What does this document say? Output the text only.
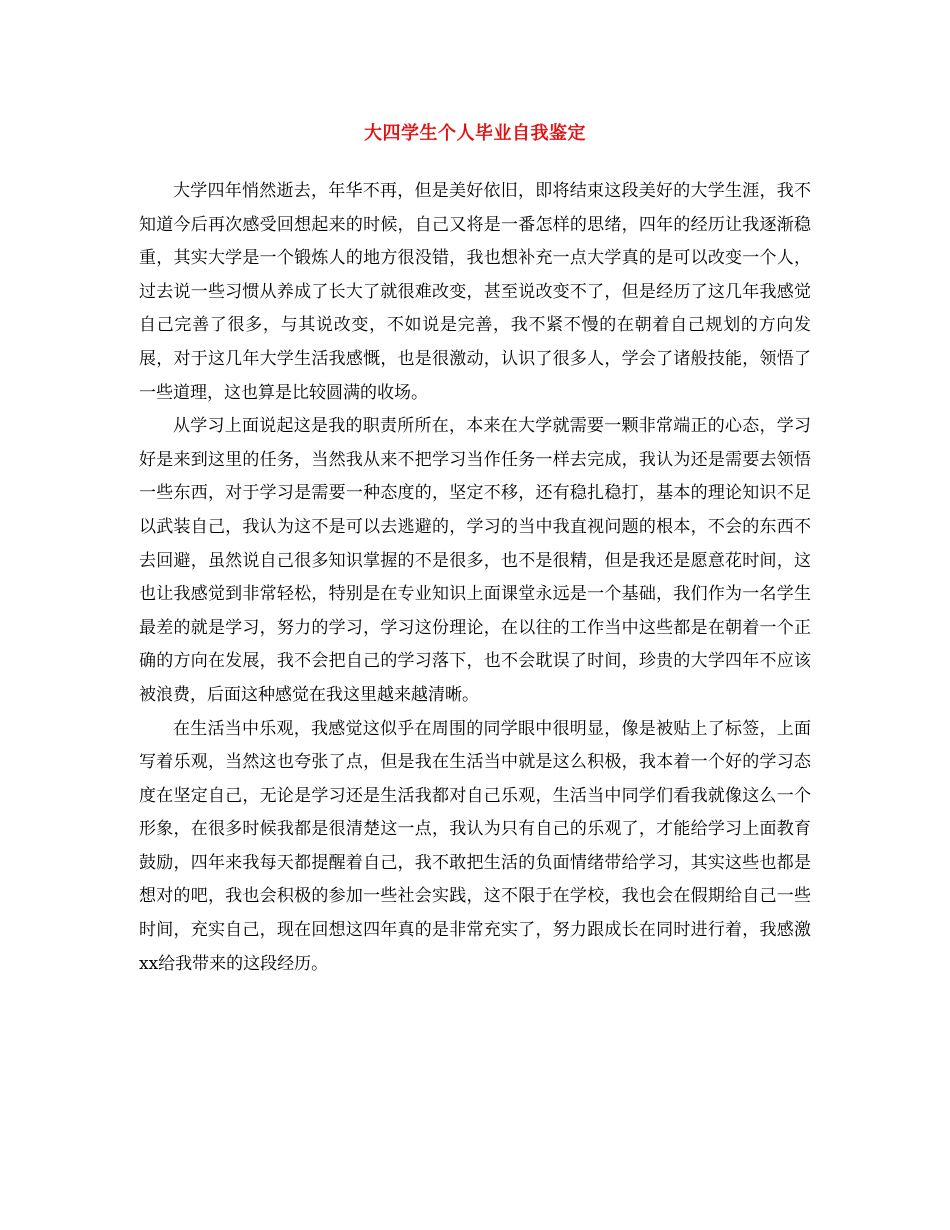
大四学生个人毕业自我鉴定

大学四年悄然逝去，年华不再，但是美好依旧，即将结束这段美好的大学生涯，我不知道今后再次感受回想起来的时候，自己又将是一番怎样的思绪，四年的经历让我逐渐稳重，其实大学是一个锻炼人的地方很没错，我也想补充一点大学真的是可以改变一个人，过去说一些习惯从养成了长大了就很难改变，甚至说改变不了，但是经历了这几年我感觉自己完善了很多，与其说改变，不如说是完善，我不紧不慢的在朝着自己规划的方向发展，对于这几年大学生活我感慨，也是很激动，认识了很多人，学会了诸般技能，领悟了一些道理，这也算是比较圆满的收场。

从学习上面说起这是我的职责所所在，本来在大学就需要一颗非常端正的心态，学习好是来到这里的任务，当然我从来不把学习当作任务一样去完成，我认为还是需要去领悟一些东西，对于学习是需要一种态度的，坚定不移，还有稳扎稳打，基本的理论知识不足以武装自己，我认为这不是可以去逃避的，学习的当中我直视问题的根本，不会的东西不去回避，虽然说自己很多知识掌握的不是很多，也不是很精，但是我还是愿意花时间，这也让我感觉到非常轻松，特别是在专业知识上面课堂永远是一个基础，我们作为一名学生最差的就是学习，努力的学习，学习这份理论，在以往的工作当中这些都是在朝着一个正确的方向在发展，我不会把自己的学习落下，也不会耽误了时间，珍贵的大学四年不应该被浪费，后面这种感觉在我这里越来越清晰。

在生活当中乐观，我感觉这似乎在周围的同学眼中很明显，像是被贴上了标签，上面写着乐观，当然这也夸张了点，但是我在生活当中就是这么积极，我本着一个好的学习态度在坚定自己，无论是学习还是生活我都对自己乐观，生活当中同学们看我就像这么一个形象，在很多时候我都是很清楚这一点，我认为只有自己的乐观了，才能给学习上面教育鼓励，四年来我每天都提醒着自己，我不敢把生活的负面情绪带给学习，其实这些也都是想对的吧，我也会积极的参加一些社会实践，这不限于在学校，我也会在假期给自己一些时间，充实自己，现在回想这四年真的是非常充实了，努力跟成长在同时进行着，我感激xx给我带来的这段经历。
